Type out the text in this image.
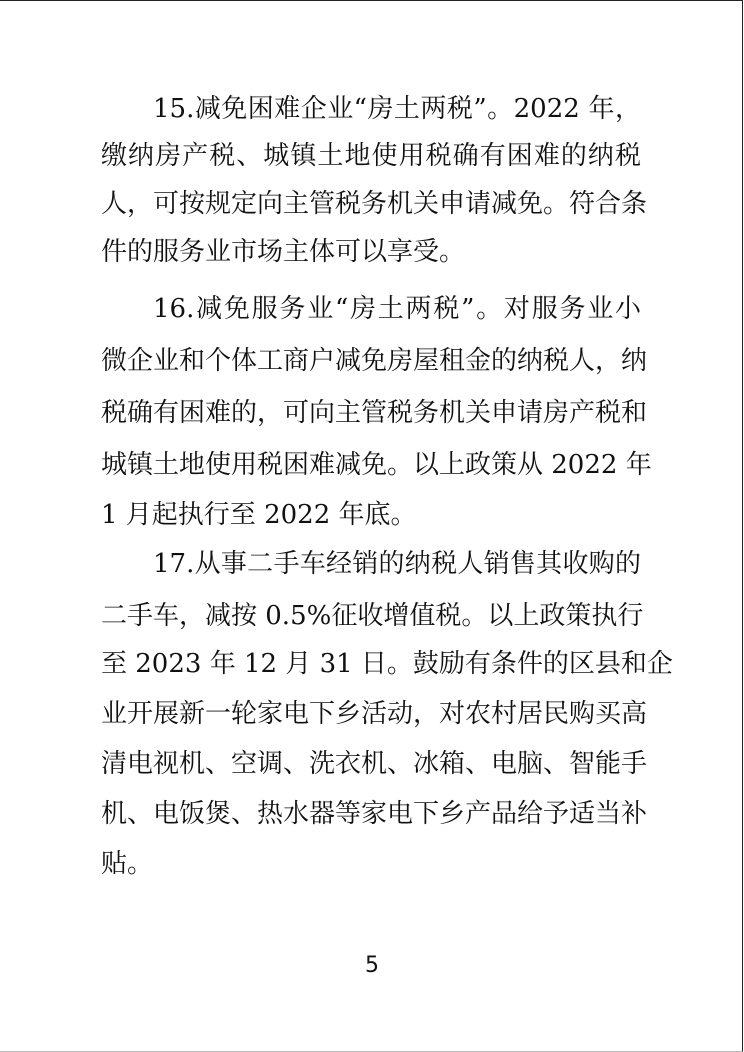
15.减免困难企业“房土两税”。2022 年，
缴纳房产税、城镇土地使用税确有困难的纳税
人，可按规定向主管税务机关申请减免。符合条
件的服务业市场主体可以享受。
16.减免服务业“房土两税”。对服务业小
微企业和个体工商户减免房屋租金的纳税人，纳
税确有困难的，可向主管税务机关申请房产税和
城镇土地使用税困难减免。以上政策从 2022 年
1 月起执行至 2022 年底。
17.从事二手车经销的纳税人销售其收购的
二手车，减按 0.5%征收增值税。以上政策执行
至 2023 年 12 月 31 日。鼓励有条件的区县和企
业开展新一轮家电下乡活动，对农村居民购买高
清电视机、空调、洗衣机、冰箱、电脑、智能手
机、电饭煲、热水器等家电下乡产品给予适当补
贴。
5
